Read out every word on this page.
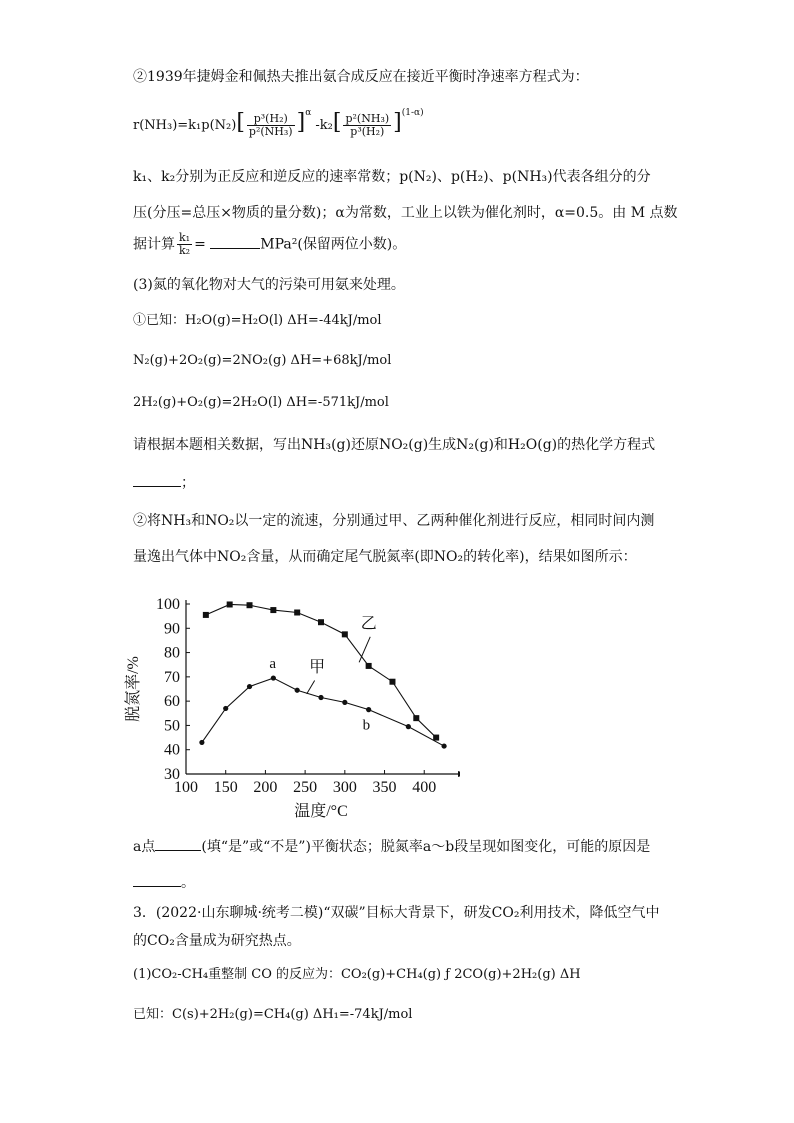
②1939年捷姆金和佩热夫推出氨合成反应在接近平衡时净速率方程式为：
$r(NH_3)=k_1p(N_2)[ \frac{\text{p³(H₂)}}{\text{p²(NH₃)}} ]^\alpha$ $-k_2[ \frac{\text{p²(NH₃)}}{\text{p³(H₂)}} ]^{(1-\alpha)}$
k₁、k₂分别为正反应和逆反应的速率常数；p(N₂)、p(H₂)、p(NH₃)代表各组分的分
压(分压=总压×物质的量分数)；α为常数，工业上以铁为催化剂时，α=0.5。由 M 点数
据计算 $\frac{\text{k₁}}{\text{k₂}}$ =	MPa²(保留两位小数)。
(3)氮的氧化物对大气的污染可用氨来处理。
①已知：H₂O(g)=H₂O(l) ΔH=-44kJ/mol
N₂(g)+2O₂(g)=2NO₂(g) ΔH=+68kJ/mol
2H₂(g)+O₂(g)=2H₂O(l) ΔH=-571kJ/mol
请根据本题相关数据，写出NH₃(g)还原NO₂(g)生成N₂(g)和H₂O(g)的热化学方程式
；
②将NH₃和NO₂以一定的流速，分别通过甲、乙两种催化剂进行反应，相同时间内测
量逸出气体中NO₂含量，从而确定尾气脱氮率(即NO₂的转化率)，结果如图所示：
100 150 200 250 300 350 400
30
40
50
60
70
80
90
100
乙
甲
a
b
温度/°C
脱氮率/%
a点	(填“是”或“不是”)平衡状态；脱氮率a～b段呈现如图变化，可能的原因是
。
3．(2022·山东聊城·统考二模)“双碳”目标大背景下，研发CO₂利用技术，降低空气中
的CO₂含量成为研究热点。
(1)CO₂-CH₄重整制 CO 的反应为：CO₂(g)+CH₄(g) ƒ 2CO(g)+2H₂(g) ΔH
已知：C(s)+2H₂(g)=CH₄(g) ΔH₁=-74kJ/mol
